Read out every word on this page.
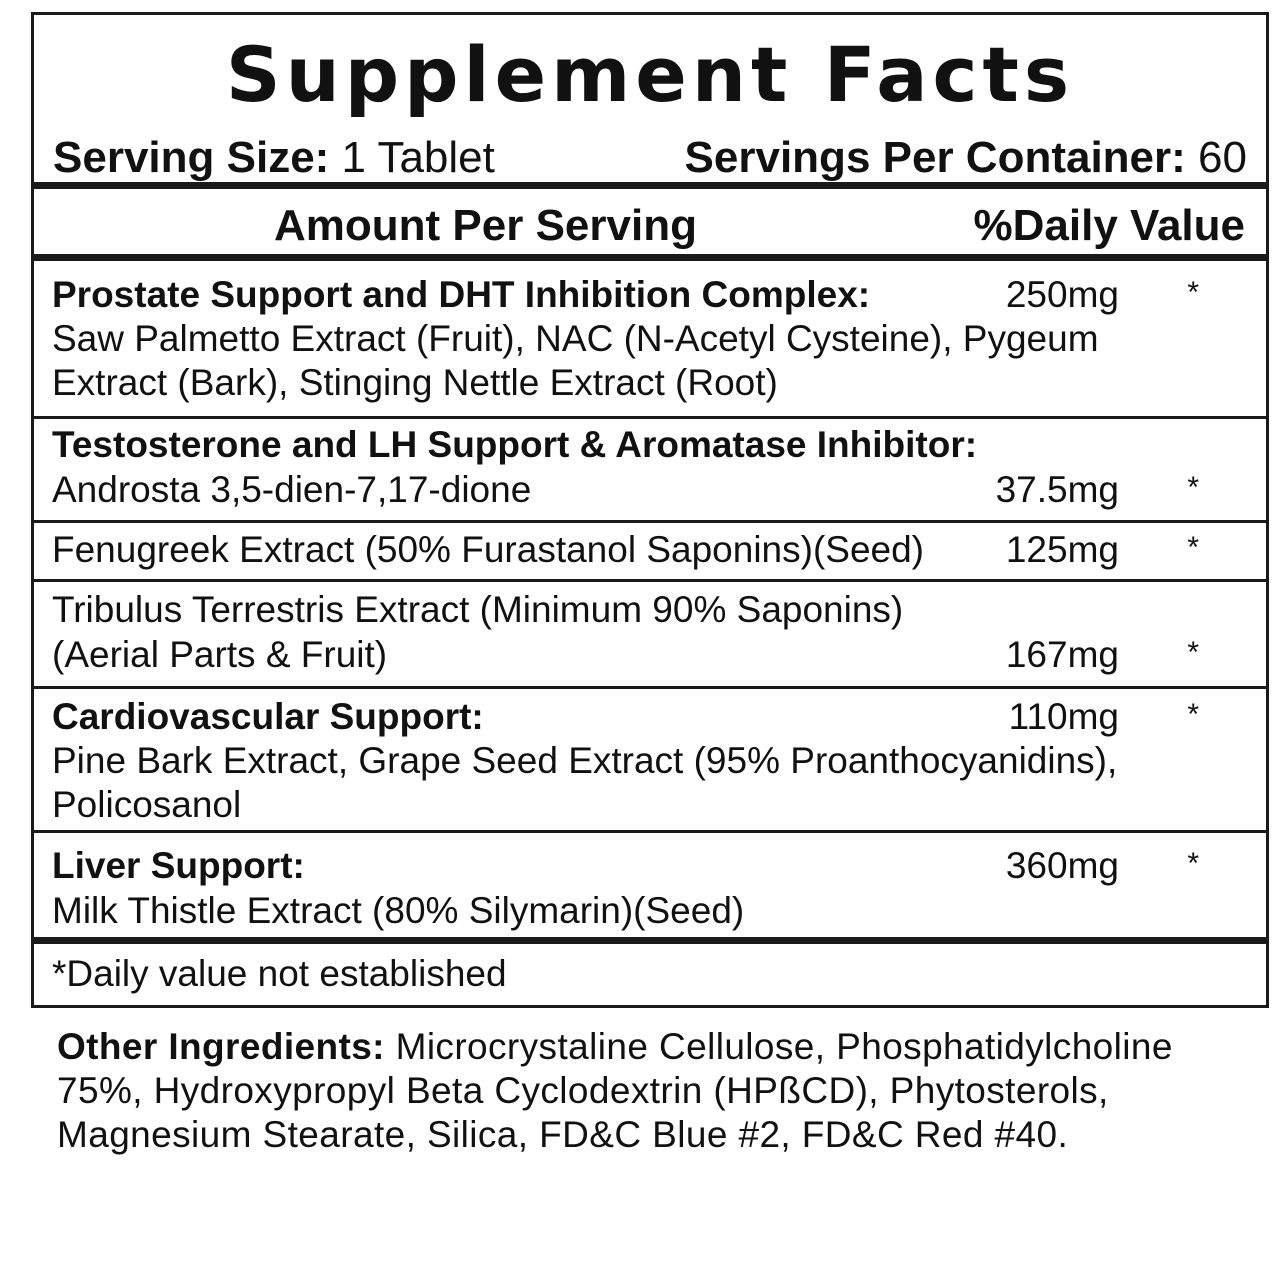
Supplement Facts
Serving Size: 1 Tablet	Servings Per Container: 60
Amount Per Serving	%Daily Value
Prostate Support and DHT Inhibition Complex:	250mg *
Saw Palmetto Extract (Fruit), NAC (N-Acetyl Cysteine), Pygeum
Extract (Bark), Stinging Nettle Extract (Root)
Testosterone and LH Support & Aromatase Inhibitor:
Androsta 3,5-dien-7,17-dione	37.5mg *
Fenugreek Extract (50% Furastanol Saponins)(Seed) 125mg *
Tribulus Terrestris Extract (Minimum 90% Saponins)
(Aerial Parts & Fruit)	167mg *
Cardiovascular Support:	110mg *
Pine Bark Extract, Grape Seed Extract (95% Proanthocyanidins),
Policosanol
Liver Support:	360mg *
Milk Thistle Extract (80% Silymarin)(Seed)
*Daily value not established
Other Ingredients: Microcrystaline Cellulose, Phosphatidylcholine
75%, Hydroxypropyl Beta Cyclodextrin (HPßCD), Phytosterols,
Magnesium Stearate, Silica, FD&C Blue #2, FD&C Red #40.
